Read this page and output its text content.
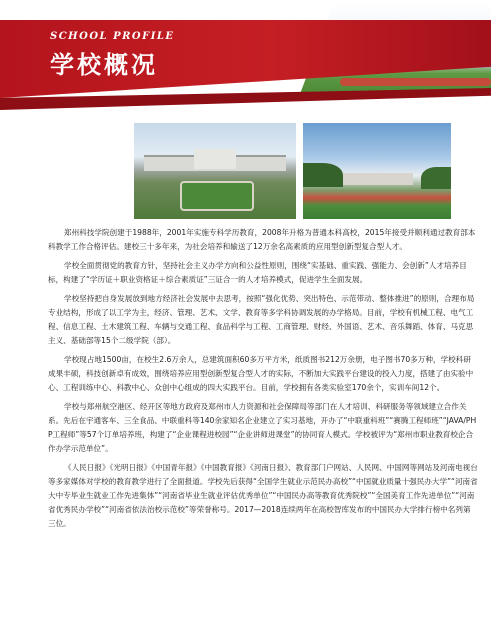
SCHOOL PROFILE
学校概况

郑州科技学院创建于1988年，2001年实施专科学历教育，2008年升格为普通本科高校，2015年接受并顺利通过教育部本科教学工作合格评估。建校三十多年来，为社会培养和输送了12万余名高素质的应用型创新型复合型人才。

学校全面贯彻党的教育方针，坚持社会主义办学方向和公益性原则，围绕“实基础、重实践、强能力、会创新”人才培养目标，构建了“学历证＋职业资格证＋综合素质证”三证合一的人才培养模式，促进学生全面发展。

学校坚持把自身发展放到地方经济社会发展中去思考，按照“强化优势、突出特色、示范带动、整体推进”的原则，合理布局专业结构，形成了以工学为主，经济、管理、艺术、文学、教育等多学科协调发展的办学格局。目前，学校有机械工程、电气工程、信息工程、土木建筑工程、车辆与交通工程、食品科学与工程、工商管理、财经、外国语、艺术、音乐舞蹈、体育、马克思主义、基础部等15个二级学院（部）。

学校现占地1500亩，在校生2.6万余人，总建筑面积60多万平方米，纸质图书212万余册，电子图书70多万种，学校科研成果丰硕，科技创新卓有成效，围绕培养应用型创新型复合型人才的实际，不断加大实践平台建设的投入力度，搭建了由实验中心、工程训练中心、科教中心、众创中心组成的四大实践平台。目前，学校拥有各类实验室170余个，实训车间12个。

学校与郑州航空港区、经开区等地方政府及郑州市人力资源和社会保障局等部门在人才培训、科研服务等领域建立合作关系。先后在宇通客车、三全食品、中联重科等140余家知名企业建立了实习基地，开办了“中联重科班”“赛腾工程师班”“JAVA/PHP工程师”等57个订单培养班，构建了“企业课程进校园”“企业讲师进课堂”的协同育人模式。学校被评为“郑州市职业教育校企合作办学示范单位”。

《人民日报》《光明日报》《中国青年报》《中国教育报》《河南日报》、教育部门户网站、人民网、中国网等网站及河南电视台等多家媒体对学校的教育教学进行了全面报道。学校先后获得“全国学生就业示范民办高校”“中国就业质量十强民办大学”“河南省大中专毕业生就业工作先进集体”“河南省毕业生就业评估优秀单位”“中国民办高等教育优秀院校”“全国美育工作先进单位”“河南省优秀民办学校”“河南省依法治校示范校”等荣誉称号。2017—2018连续两年在高校智库发布的中国民办大学排行榜中名列第三位。
